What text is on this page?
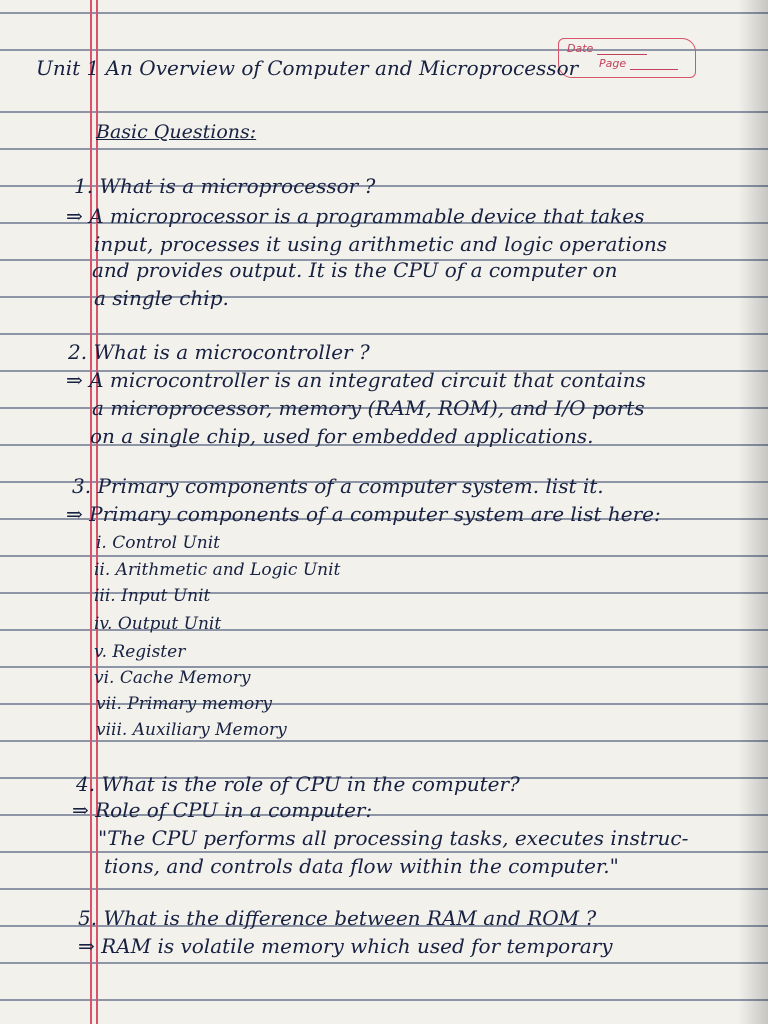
Date
Page

Unit 1 An Overview of Computer and Microprocessor

Basic Questions:

1. What is a microprocessor ?

⇒ A microprocessor is a programmable device that takes

input, processes it using arithmetic and logic operations

and provides output. It is the CPU of a computer on

a single chip.

2. What is a microcontroller ?

⇒ A microcontroller is an integrated circuit that contains

a microprocessor, memory (RAM, ROM), and I/O ports

on a single chip, used for embedded applications.

3. Primary components of a computer system. list it.

⇒ Primary components of a computer system are list here:

i. Control Unit

ii. Arithmetic and Logic Unit

iii. Input Unit

iv. Output Unit

v. Register

vi. Cache Memory

vii. Primary memory

viii. Auxiliary Memory

4. What is the role of CPU in the computer?

⇒ Role of CPU in a computer:

"The CPU performs all processing tasks, executes instruc-

tions, and controls data flow within the computer."

5. What is the difference between RAM and ROM ?

⇒ RAM is volatile memory which used for temporary
